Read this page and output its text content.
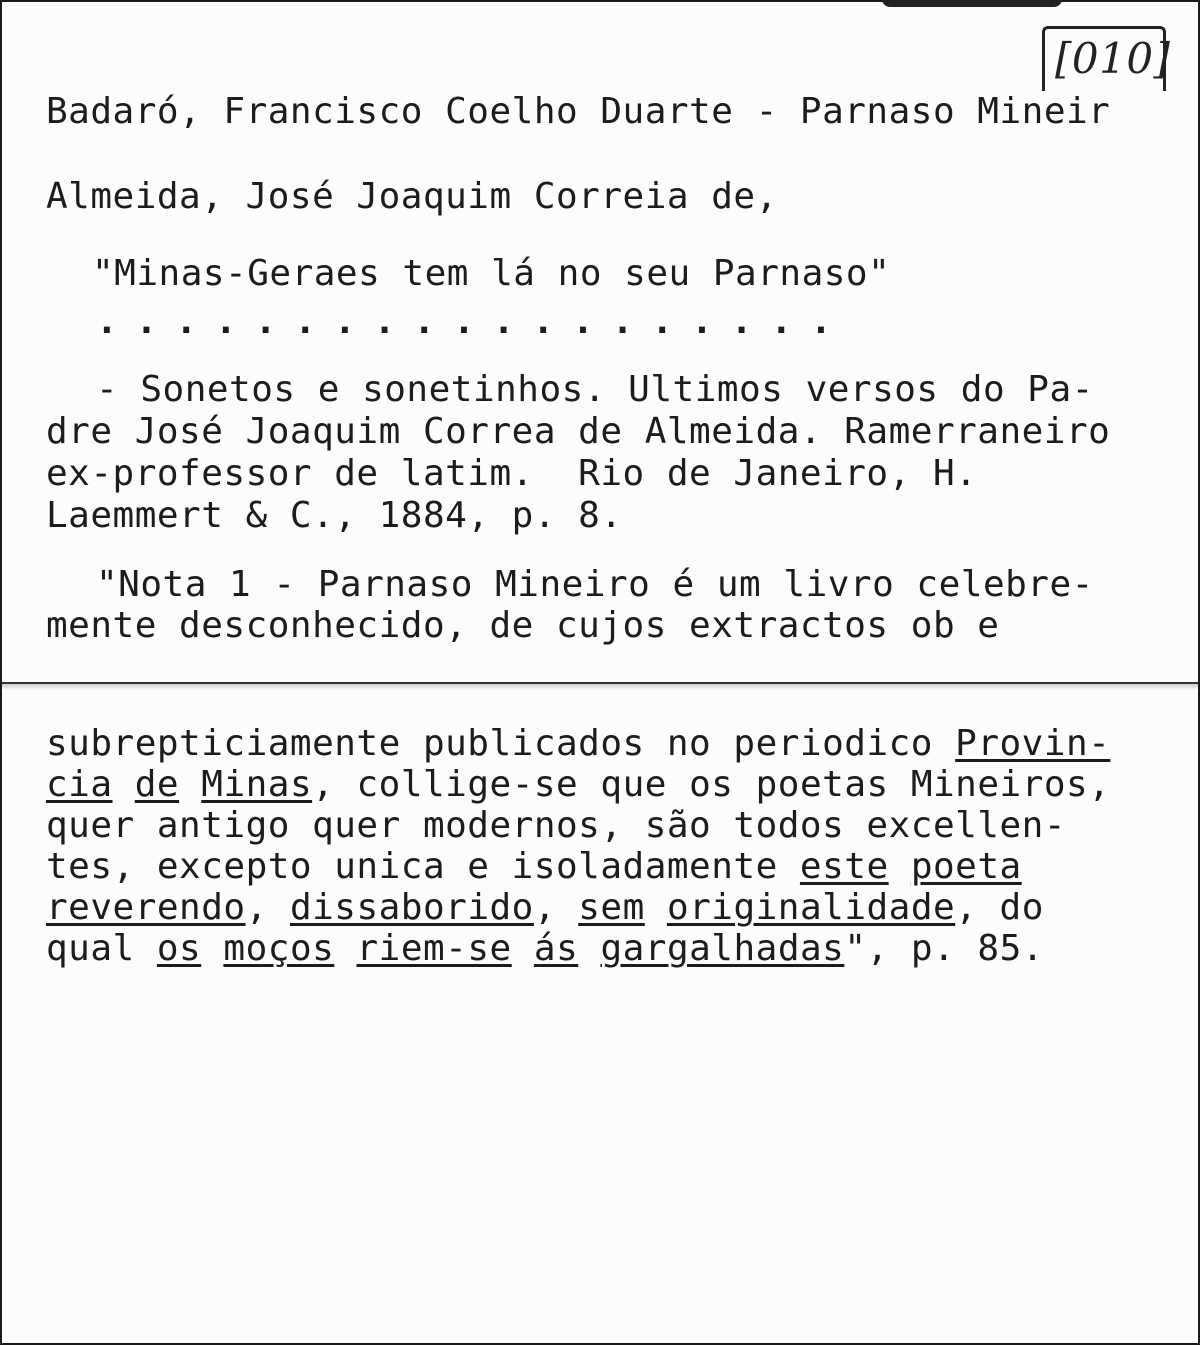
[010]
Badaró, Francisco Coelho Duarte - Parnaso Mineir
Almeida, José Joaquim Correia de,
"Minas-Geraes tem lá no seu Parnaso"
...................
- Sonetos e sonetinhos. Ultimos versos do Pa-
dre José Joaquim Correa de Almeida. Ramerraneiro
ex-professor de latim.  Rio de Janeiro, H.
Laemmert & C., 1884, p. 8.
"Nota 1 - Parnaso Mineiro é um livro celebre-
mente desconhecido, de cujos extractos ob e
subrepticiamente publicados no periodico Provin-
cia de Minas, collige-se que os poetas Mineiros,
quer antigo quer modernos, são todos excellen-
tes, excepto unica e isoladamente este poeta
reverendo, dissaborido, sem originalidade, do
qual os moços riem-se ás gargalhadas", p. 85.
